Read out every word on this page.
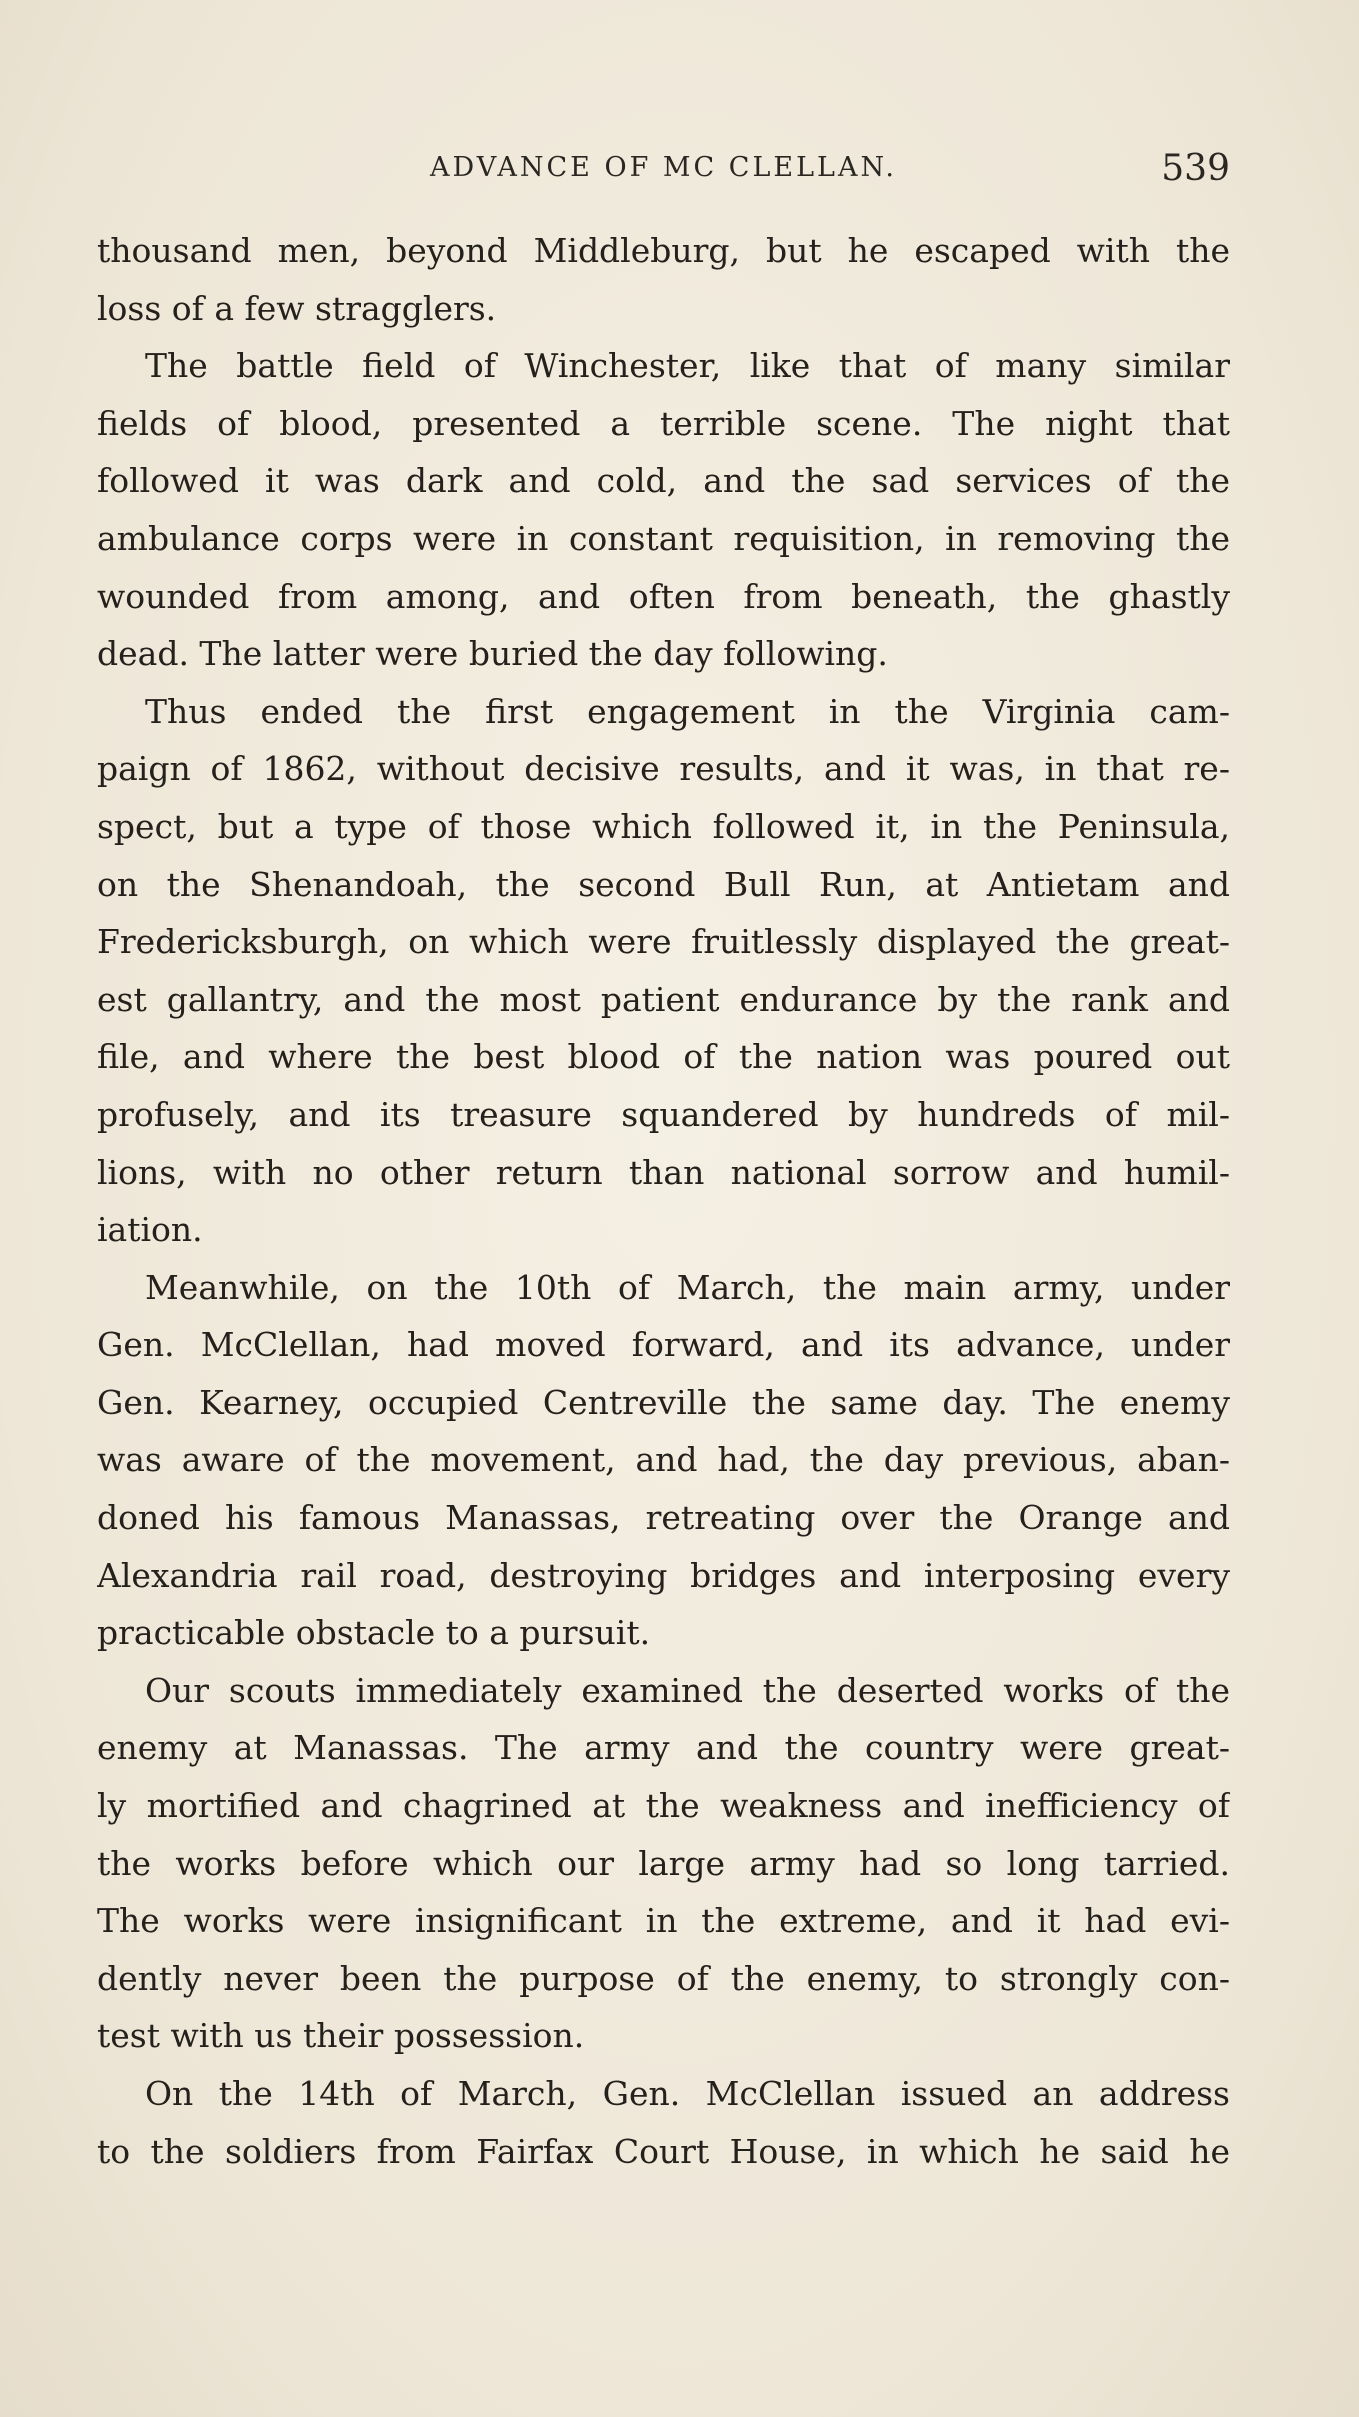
ADVANCE OF MC CLELLAN.	539
thousand men, beyond Middleburg, but he escaped with the
loss of a few stragglers.
The battle field of Winchester, like that of many similar
fields of blood, presented a terrible scene. The night that
followed it was dark and cold, and the sad services of the
ambulance corps were in constant requisition, in removing the
wounded from among, and often from beneath, the ghastly
dead. The latter were buried the day following.
Thus ended the first engagement in the Virginia cam-
paign of 1862, without decisive results, and it was, in that re-
spect, but a type of those which followed it, in the Peninsula,
on the Shenandoah, the second Bull Run, at Antietam and
Fredericksburgh, on which were fruitlessly displayed the great-
est gallantry, and the most patient endurance by the rank and
file, and where the best blood of the nation was poured out
profusely, and its treasure squandered by hundreds of mil-
lions, with no other return than national sorrow and humil-
iation.
Meanwhile, on the 10th of March, the main army, under
Gen. McClellan, had moved forward, and its advance, under
Gen. Kearney, occupied Centreville the same day. The enemy
was aware of the movement, and had, the day previous, aban-
doned his famous Manassas, retreating over the Orange and
Alexandria rail road, destroying bridges and interposing every
practicable obstacle to a pursuit.
Our scouts immediately examined the deserted works of the
enemy at Manassas. The army and the country were great-
ly mortified and chagrined at the weakness and inefficiency of
the works before which our large army had so long tarried.
The works were insignificant in the extreme, and it had evi-
dently never been the purpose of the enemy, to strongly con-
test with us their possession.
On the 14th of March, Gen. McClellan issued an address
to the soldiers from Fairfax Court House, in which he said he
